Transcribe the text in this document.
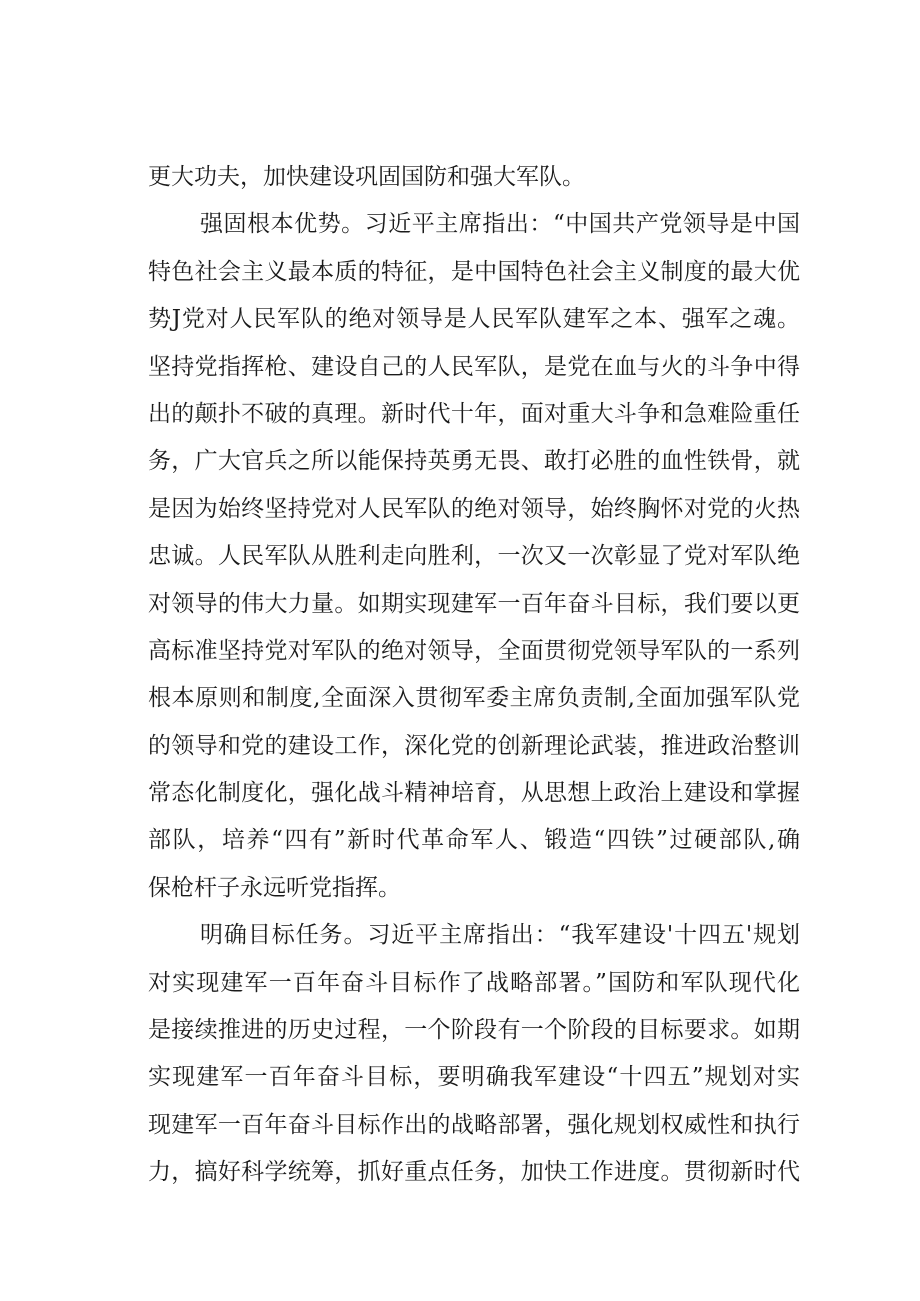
更大功夫，加快建设巩固国防和强大军队。
强固根本优势。习近平主席指出：“中国共产党领导是中国
特色社会主义最本质的特征，是中国特色社会主义制度的最大优
势J党对人民军队的绝对领导是人民军队建军之本、强军之魂。
坚持党指挥枪、建设自己的人民军队，是党在血与火的斗争中得
出的颠扑不破的真理。新时代十年，面对重大斗争和急难险重任
务，广大官兵之所以能保持英勇无畏、敢打必胜的血性铁骨，就
是因为始终坚持党对人民军队的绝对领导，始终胸怀对党的火热
忠诚。人民军队从胜利走向胜利，一次又一次彰显了党对军队绝
对领导的伟大力量。如期实现建军一百年奋斗目标，我们要以更
高标准坚持党对军队的绝对领导，全面贯彻党领导军队的一系列
根本原则和制度,全面深入贯彻军委主席负责制,全面加强军队党
的领导和党的建设工作，深化党的创新理论武装，推进政治整训
常态化制度化，强化战斗精神培育，从思想上政治上建设和掌握
部队，培养“四有”新时代革命军人、锻造“四铁”过硬部队,确
保枪杆子永远听党指挥。
明确目标任务。习近平主席指出：“我军建设'十四五'规划
对实现建军一百年奋斗目标作了战略部署。”国防和军队现代化
是接续推进的历史过程，一个阶段有一个阶段的目标要求。如期
实现建军一百年奋斗目标，要明确我军建设“十四五”规划对实
现建军一百年奋斗目标作出的战略部署，强化规划权威性和执行
力，搞好科学统筹，抓好重点任务，加快工作进度。贯彻新时代
